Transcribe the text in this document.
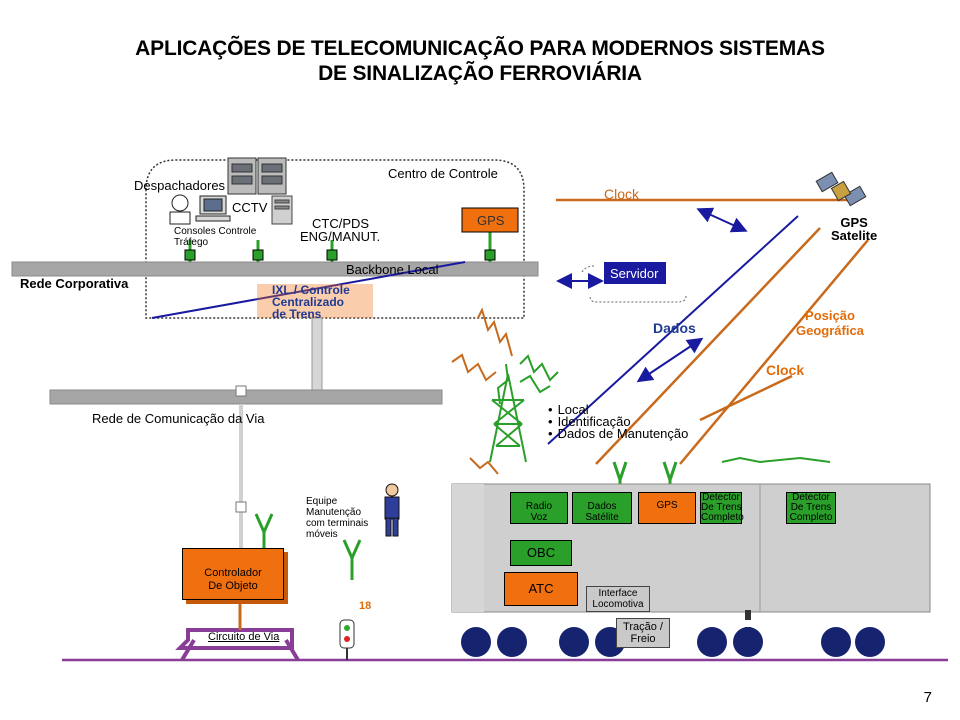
APLICAÇÕES DE TELECOMUNICAÇÃO PARA MODERNOS SISTEMAS
DE SINALIZAÇÃO FERROVIÁRIA
Centro de Controle
Despachadores
CCTV
Consoles Controle
Tráfego
CTC/PDS
ENG/MANUT.
GPS
Backbone Local
IXL / Controle
Centralizado
de Trens
Rede Corporativa
Rede de Comunicação da Via
Clock
GPS
Satelite
Servidor
Dados
Posição
Geográfica
Clock
• Local
• Identificação
• Dados de Manutenção
Equipe
Manutenção
com terminais
móveis
Controlador
De Objeto
Circuito de Via
18
Radio
Voz
Dados
Satélite
GPS
Detector
De Trens
Completo
Detector
De Trens
Completo
OBC
ATC	Interface
Locomotiva
Tração /
Freio
7
